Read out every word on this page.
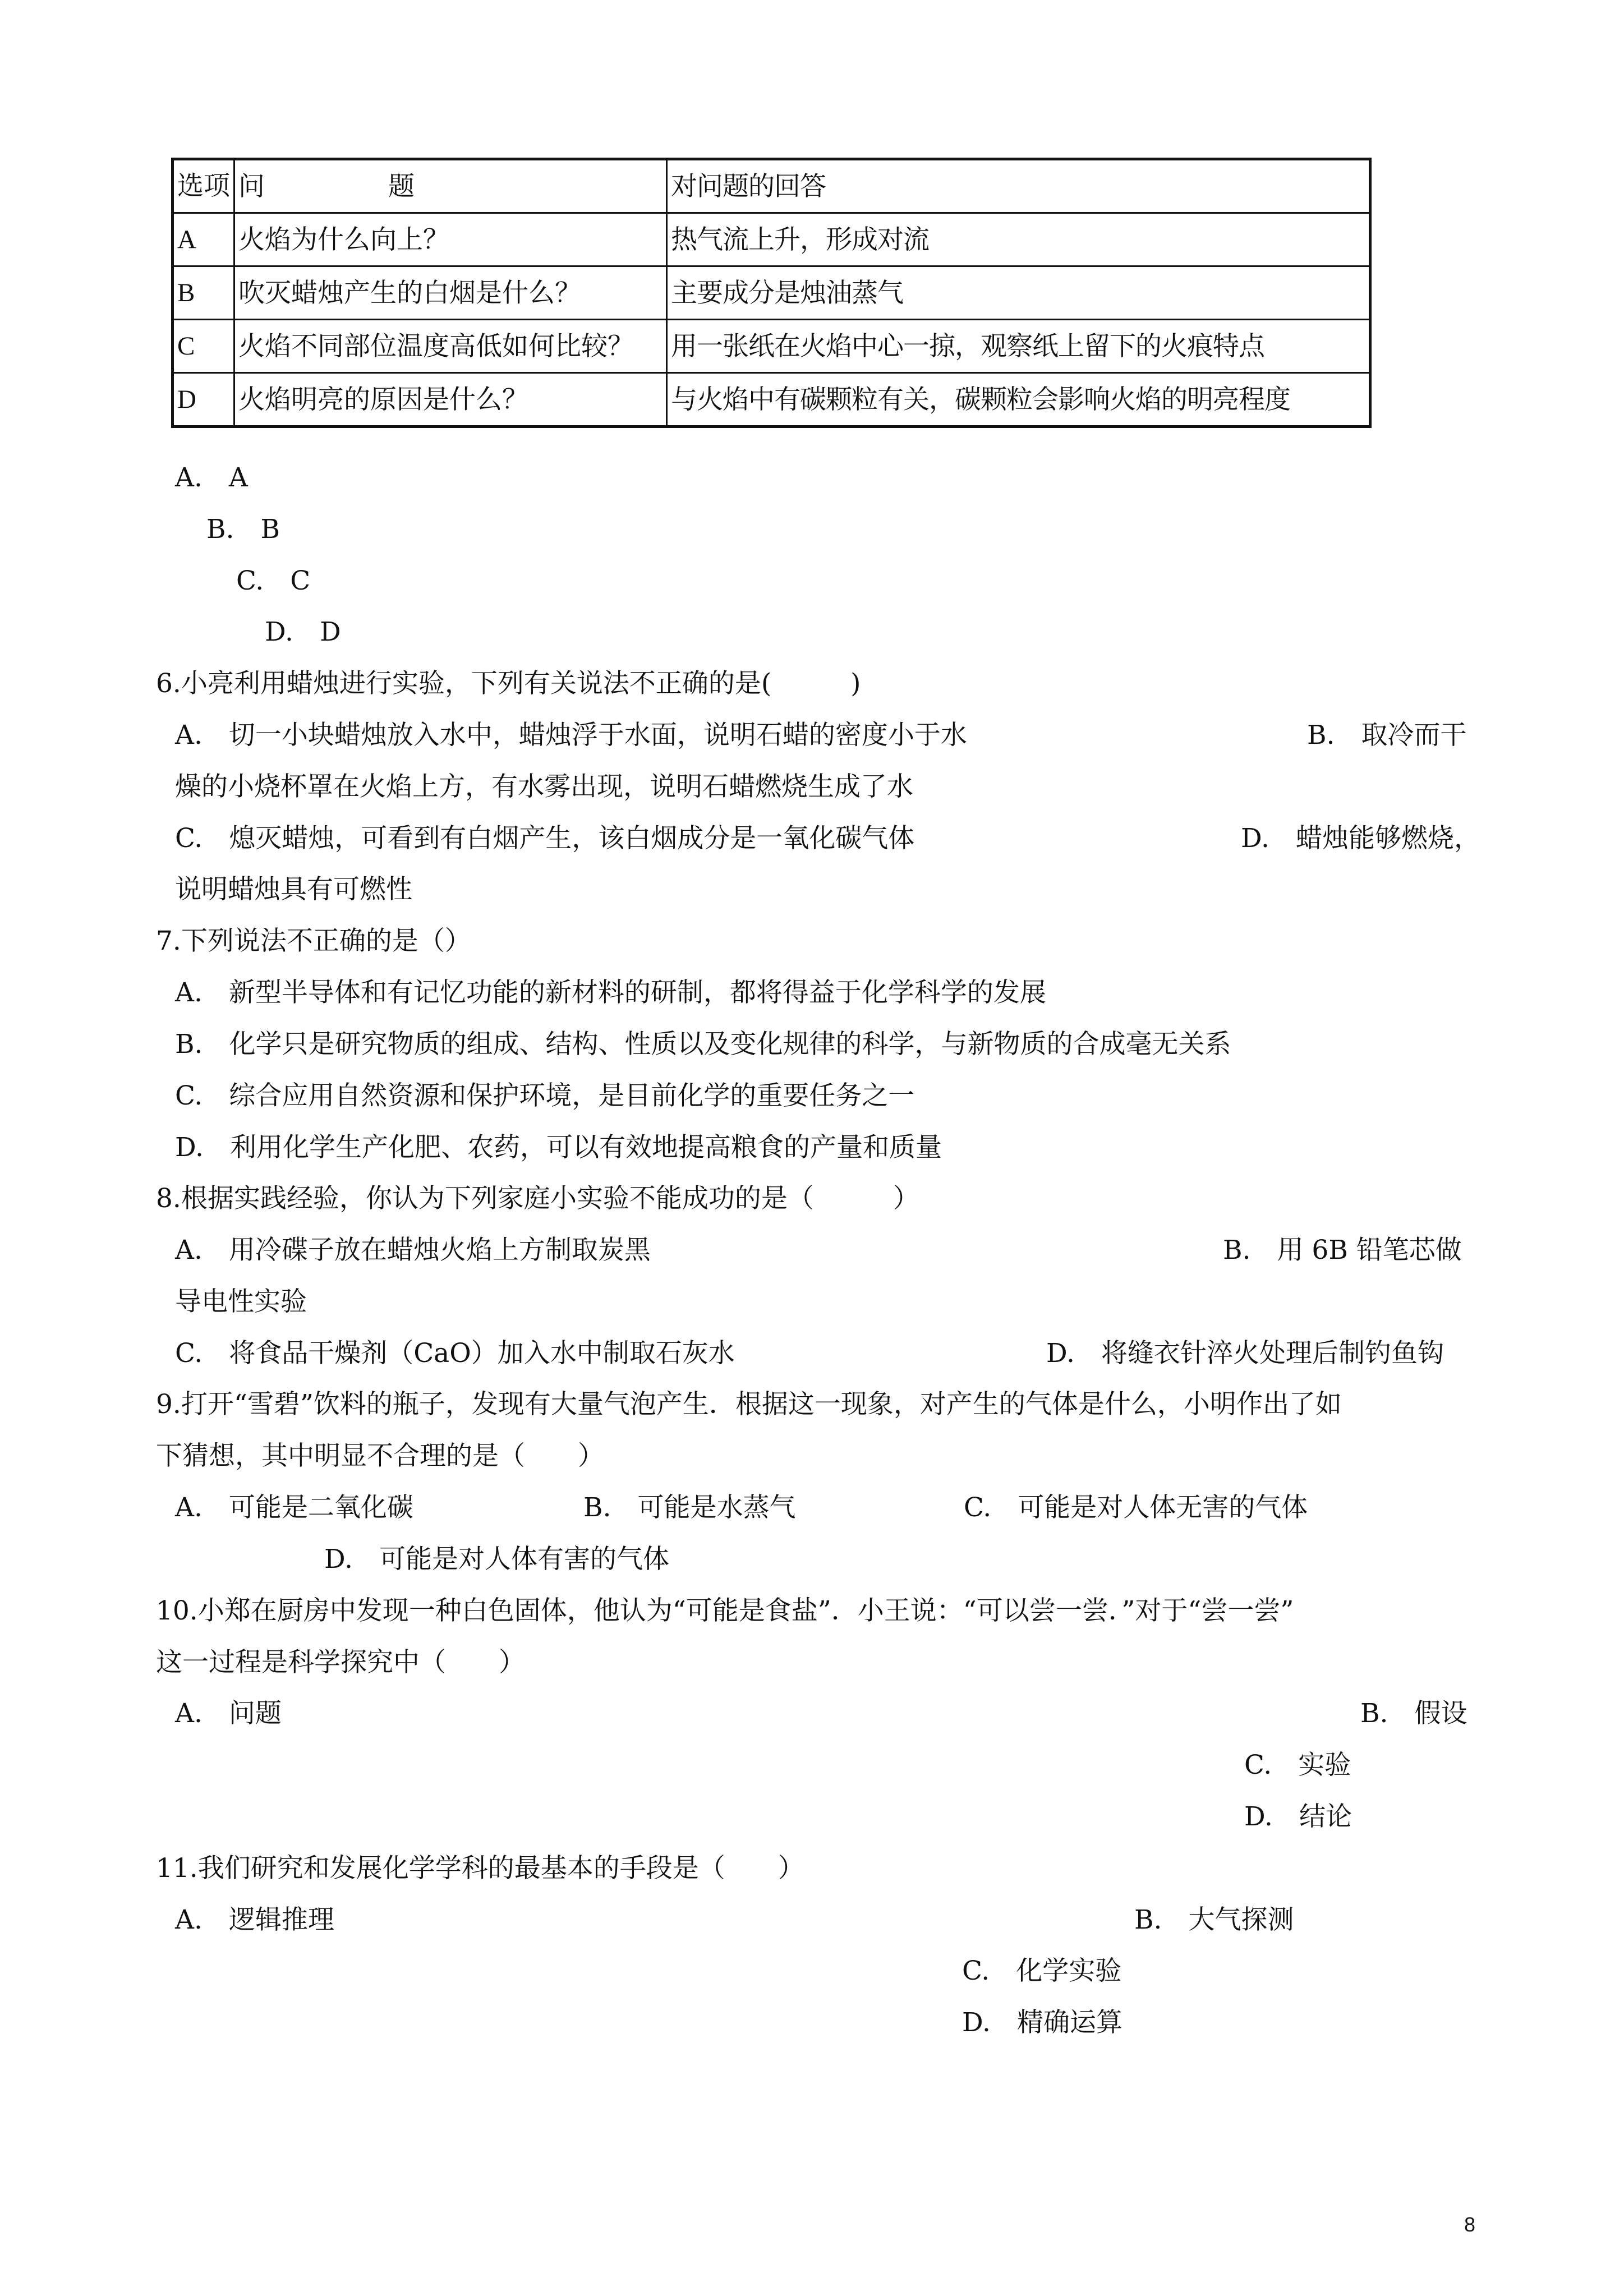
选项	问 题	对问题的回答
A	火焰为什么向上？	热气流上升，形成对流
B	吹灭蜡烛产生的白烟是什么？	主要成分是烛油蒸气
C	火焰不同部位温度高低如何比较？	用一张纸在火焰中心一掠，观察纸上留下的火痕特点
D	火焰明亮的原因是什么？	与火焰中有碳颗粒有关，碳颗粒会影响火焰的明亮程度
A.　A
B.　B
C.　C
D.　D
6.小亮利用蜡烛进行实验，下列有关说法不正确的是(　　　)
A.　切一小块蜡烛放入水中，蜡烛浮于水面，说明石蜡的密度小于水	B.　取冷而干
燥的小烧杯罩在火焰上方，有水雾出现，说明石蜡燃烧生成了水
C.　熄灭蜡烛，可看到有白烟产生，该白烟成分是一氧化碳气体	D.　蜡烛能够燃烧，
说明蜡烛具有可燃性
7.下列说法不正确的是（）
A.　新型半导体和有记忆功能的新材料的研制，都将得益于化学科学的发展
B.　化学只是研究物质的组成、结构、性质以及变化规律的科学，与新物质的合成毫无关系
C.　综合应用自然资源和保护环境，是目前化学的重要任务之一
D.　利用化学生产化肥、农药，可以有效地提高粮食的产量和质量
8.根据实践经验，你认为下列家庭小实验不能成功的是（　　　）
A.　用冷碟子放在蜡烛火焰上方制取炭黑	B.　用 6B 铅笔芯做
导电性实验
C.　将食品干燥剂（CaO）加入水中制取石灰水	D.　将缝衣针淬火处理后制钓鱼钩
9.打开“雪碧”饮料的瓶子，发现有大量气泡产生．根据这一现象，对产生的气体是什么，小明作出了如
下猜想，其中明显不合理的是（　　）
A.　可能是二氧化碳	B.　可能是水蒸气	C.　可能是对人体无害的气体
D.　可能是对人体有害的气体
10.小郑在厨房中发现一种白色固体，他认为“可能是食盐”．小王说：“可以尝一尝．”对于“尝一尝”
这一过程是科学探究中（　　）
A.　问题	B.　假设
C.　实验
D.　结论
11.我们研究和发展化学学科的最基本的手段是（　　）
A.　逻辑推理	B.　大气探测
C.　化学实验
D.　精确运算
8
